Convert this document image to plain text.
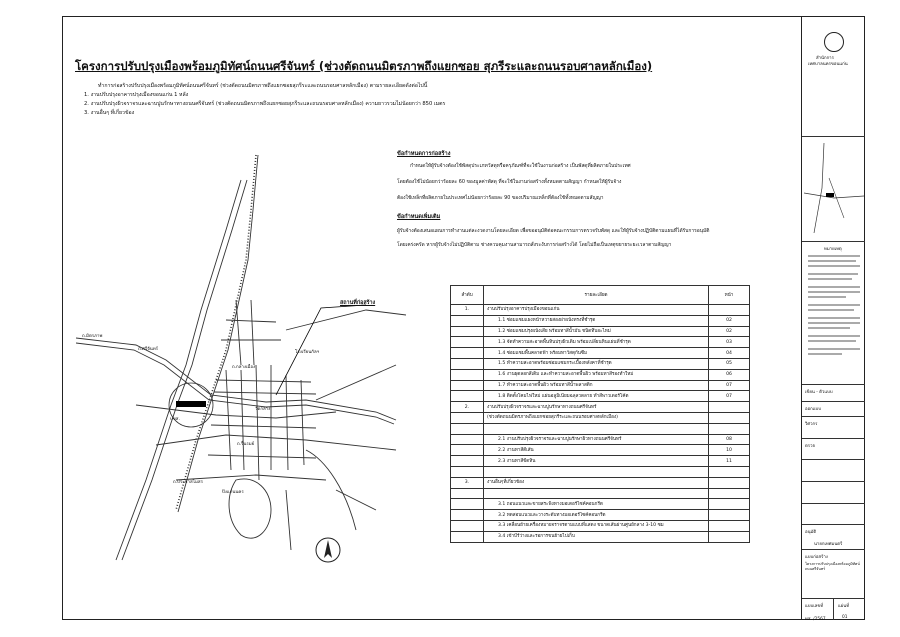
โครงการปรับปรุงเมืองพร้อมภูมิทัศน์ถนนศรีจันทร์ (ช่วงตัดถนนมิตรภาพถึงแยกซอย สุภรีระและถนนรอบศาลหลักเมือง)
ทำการก่อสร้างปรับปรุงเมืองพร้อมภูมิทัศน์ถนนศรีจันทร์ (ช่วงตัดถนนมิตรภาพถึงแยกซอยสุภรีระและถนนรอบศาลหลักเมือง) ตามรายละเอียดดังต่อไปนี้
1. งานปรับปรุงอาคารปรุงเมืองขอนแก่น 1 หลัง
2. งานปรับปรุงผิวจราจรและฉาบปูนรักษาทางถนนศรีจันทร์ (ช่วงตัดถนนมิตรภาพถึงแยกซอยสุภรีระและถนนรอบศาลหลักเมือง) ความยาวรวมไม่น้อยกว่า 850 เมตร
3. งานอื่นๆ ที่เกี่ยวข้อง
ข้อกำหนดการก่อสร้าง
กำหนดให้ผู้รับจ้างต้องใช้พัสดุประเภทวัสดุหรือครุภัณฑ์ที่จะใช้ในงานก่อสร้าง เป็นพัสดุที่ผลิตภายในประเทศ
โดยต้องใช้ไม่น้อยกว่าร้อยละ 60 ของมูลค่าพัสดุ ที่จะใช้ในงานก่อสร้างทั้งหมดตามสัญญา กำหนดให้ผู้รับจ้าง
ต้องใช้เหล็กที่ผลิตภายในประเทศไม่น้อยกว่าร้อยละ 90 ของปริมาณเหล็กที่ต้องใช้ทั้งหมดตามสัญญา
ข้อกำหนดเพิ่มเติม
ผู้รับจ้างต้องเสนอแผนการทำงานแต่ละงวดงานโดยละเอียด เพื่อขออนุมัติต่อคณะกรรมการตรวจรับพัสดุ และให้ผู้รับจ้างปฏิบัติตามแผนที่ได้รับการอนุมัติ
โดยเคร่งครัด หากผู้รับจ้างไม่ปฏิบัติตาม ช่างควบคุมงานสามารถสั่งระงับการก่อสร้างได้ โดยไม่ถือเป็นเหตุขยายระยะเวลาตามสัญญา
สถานที่ก่อสร้าง
ถ.มิตรภาพ
ถ.ศรีจันทร์
ถ.กลางเมือง
ถ.ประชาสโมสร
ถ.รื่นรมย์
บึงแก่นนคร
โรงเรียนกัลฯ
วัดกลาง
บขส.
ลำดับ	รายละเอียด	หน้า
1.	งานปรับปรุงอาคารปรุงเมืองขอนแก่น	
	1.1 ซ่อมแซมแผงหน้าหวายสองฝาผนังทรงที่ชำรุด	02
	1.2 ซ่อมแซมปรุงผนังเสีย พร้อมทาสีน้ำมัน ชนิดทึบอะไหม่	02
	1.3 จัดทำความสะอาดพื้นหินปรุงผิวเดิม พร้อมเปลี่ยนหินแผ่นที่ชำรุด	03
	1.4 ซ่อมแซมพื้นคลาดฟ้า พร้อมทาวัสดุกันซึม	04
	1.5 ทำความสะอาดพร้อมซ่อมแซมกระเบื้องหลังคาที่ชำรุด	05
	1.6 งานผุดลอกสีเดิม และทำความสะอาดพื้นผิว พร้อมทาสีรองทำใหม่	06
	1.7 ทำความสะอาดพื้นผิว พร้อมทาสีน้ำพลาสติก	07
	1.8 ติดตั้งโคมไฟใหม่ แผ่นอลูมิเนียมฉลุลวดลาย ทำสีพาวเดอร์โค้ต	07
2.	งานปรับปรุงผิวจราจรและฉาบปูนรักษาทางถนนศรีจันทร์	
	(ช่วงตัดถนนมิตรภาพถึงแยกซอยสุภรีระและถนนรอบศาลหลักเมือง)	

	2.1 งานปรับปรุงผิวจราจรและฉาบปูนรักษาผิวทางถนนศรีจันทร์	08
	2.2 งานทาสีตีเส้น	10
	2.3 งานทาสีขีดหิน	11

3.	งานอื่นๆที่เกี่ยวข้อง	

	3.1 ถอนแนวและขายสระพิงทางมอเตอร์ไซค์คอนกรีต	
	3.2 ทดสอบแนวและวางระดับทางมอเตอร์ไซค์คอนกรีต	
	3.3 เคลื่อนย้ายเครื่องหมายจราจรตามแบบที่แสดง ขนาดเส้นผ่านศูนย์กลาง 3-10 ซม	
	3.4 เข้าบีร์ว่างและรอการขนย้ายไปเก็บ	
สำนักการ
เทศบาลนครขอนแก่น
หมายเหตุ
เขียน - ตัวแบบ
ออกแบบ
วิศวกร
ตรวจ
อนุมัติ
นายกเทศมนตรี
แบบก่อสร้าง
โครงการปรับปรุงเมืองพร้อมภูมิทัศน์ถนนศรีจันทร์
แบบเลขที่	แผ่นที่
ทส. /2567	01
